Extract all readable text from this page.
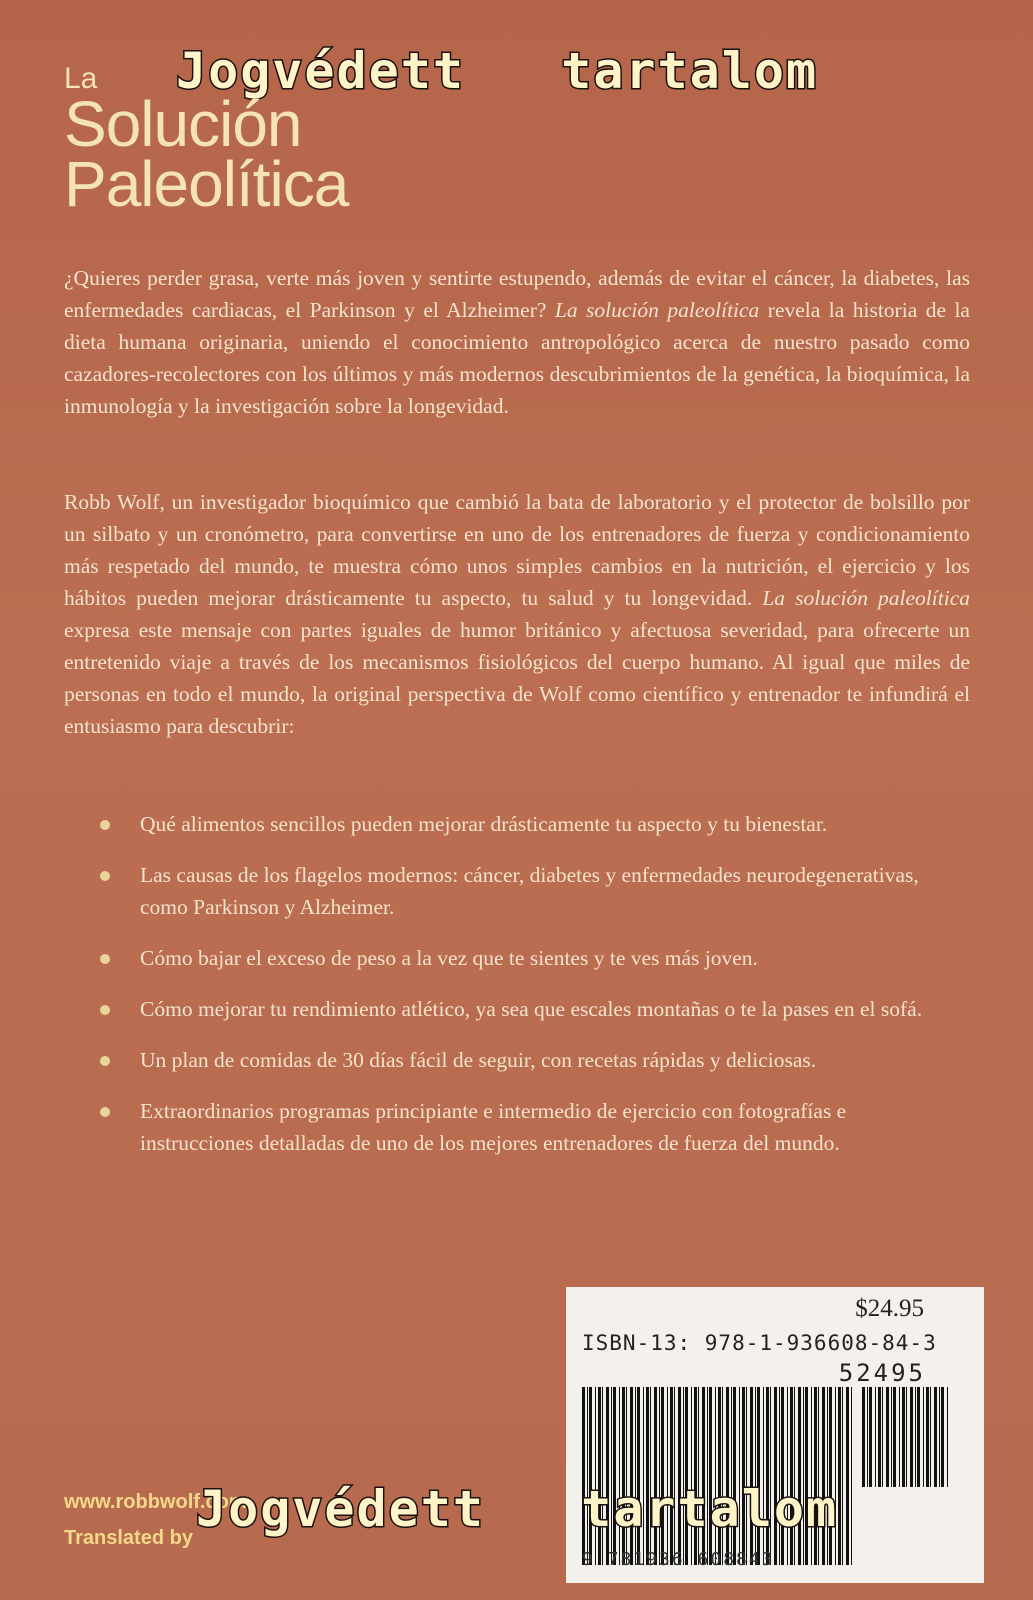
Jogvédett   tartalom
La
Solución
Paleolítica

¿Quieres perder grasa, verte más joven y sentirte estupendo, además de evitar el cáncer, la diabetes, las enfermedades cardiacas, el Parkinson y el Alzheimer? La solución paleolítica revela la historia de la dieta humana originaria, uniendo el conocimiento antropológico acerca de nuestro pasado como cazadores-recolectores con los últimos y más modernos descubrimientos de la genética, la bioquímica, la inmunología y la investigación sobre la longevidad.

Robb Wolf, un investigador bioquímico que cambió la bata de laboratorio y el protector de bolsillo por un silbato y un cronómetro, para convertirse en uno de los entrenadores de fuerza y condicionamiento más respetado del mundo, te muestra cómo unos simples cambios en la nutrición, el ejercicio y los hábitos pueden mejorar drásticamente tu aspecto, tu salud y tu longevidad. La solución paleolítica expresa este mensaje con partes iguales de humor británico y afectuosa severidad, para ofrecerte un entretenido viaje a través de los mecanismos fisiológicos del cuerpo humano. Al igual que miles de personas en todo el mundo, la original perspectiva de Wolf como científico y entrenador te infundirá el entusiasmo para descubrir:

Qué alimentos sencillos pueden mejorar drásticamente tu aspecto y tu bienestar.
Las causas de los flagelos modernos: cáncer, diabetes y enfermedades neurodegenerativas, como Parkinson y Alzheimer.
Cómo bajar el exceso de peso a la vez que te sientes y te ves más joven.
Cómo mejorar tu rendimiento atlético, ya sea que escales montañas o te la pases en el sofá.
Un plan de comidas de 30 días fácil de seguir, con recetas rápidas y deliciosas.
Extraordinarios programas principiante e intermedio de ejercicio con fotografías e instrucciones detalladas de uno de los mejores entrenadores de fuerza del mundo.
$24.95
ISBN-13: 978-1-936608-84-3
52495
9 781936 608843
www.robbwolf.com
Translated by Jogvédett   tartalom
